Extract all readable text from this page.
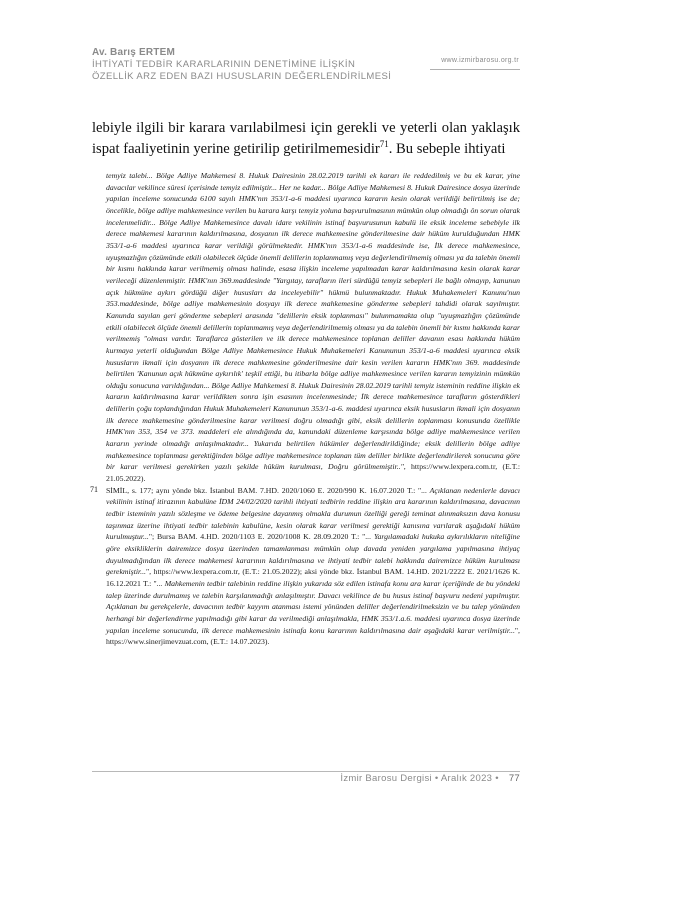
Av. Barış ERTEM
İHTİYATİ TEDBİR KARARLARININ DENETİMİNE İLİŞKİN
ÖZELLİK ARZ EDEN BAZI HUSUSLARIN DEĞERLENDİRİLMESİ
www.izmirbarosu.org.tr
lebiyle ilgili bir karara varılabilmesi için gerekli ve yeterli olan yaklaşık ispat faaliyetinin yerine getirilip getirilmemesidir$^{71}$. Bu sebeple ihtiyati

temyiz talebi... Bölge Adliye Mahkemesi 8. Hukuk Dairesinin 28.02.2019 tarihli ek kararı ile reddedilmiş ve bu ek karar, yine davacılar vekilince süresi içerisinde temyiz edilmiştir... Her ne kadar... Bölge Adliye Mahkemesi 8. Hukuk Dairesince dosya üzerinde yapılan inceleme sonucunda 6100 sayılı HMK'nın 353/1-a-6 maddesi uyarınca kararın kesin olarak verildiği belirtilmiş ise de; öncelikle, bölge adliye mahkemesince verilen bu karara karşı temyiz yoluna başvurulmasının mümkün olup olmadığı ön sorun olarak incelenmelidir... Bölge Adliye Mahkemesince davalı idare vekilinin istinaf başvurusunun kabulü ile eksik inceleme sebebiyle ilk derece mahkemesi kararının kaldırılmasına, dosyanın ilk derece mahkemesine gönderilmesine dair hüküm kurulduğundan HMK 353/1-a-6 maddesi uyarınca karar verildiği görülmektedir. HMK'nın 353/1-a-6 maddesinde ise, İlk derece mahkemesince, uyuşmazlığın çözümünde etkili olabilecek ölçüde önemli delillerin toplanmamış veya değerlendirilmemiş olması ya da talebin önemli bir kısmı hakkında karar verilmemiş olması halinde, esasa ilişkin inceleme yapılmadan karar kaldırılmasına kesin olarak karar verileceği düzenlenmiştir. HMK'nın 369.maddesinde "Yargıtay, tarafların ileri sürdüğü temyiz sebepleri ile bağlı olmayıp, kanunun açık hükmüne aykırı gördüğü diğer hususları da inceleyebilir" hükmü bulunmaktadır. Hukuk Muhakemeleri Kanunu'nun 353.maddesinde, bölge adliye mahkemesinin dosyayı ilk derece mahkemesine gönderme sebepleri tahdidi olarak sayılmıştır. Kanunda sayılan geri gönderme sebepleri arasında "delillerin eksik toplanması" bulunmamakta olup "uyuşmazlığın çözümünde etkili olabilecek ölçüde önemli delillerin toplanmamış veya değerlendirilmemiş olması ya da talebin önemli bir kısmı hakkında karar verilmemiş "olması vardır. Taraflarca gösterilen ve ilk derece mahkemesince toplanan deliller davanın esası hakkında hüküm kurmaya yeterli olduğundan Bölge Adliye Mahkemesince Hukuk Muhakemeleri Kanununun 353/1-a-6 maddesi uyarınca eksik hususların ikmali için dosyanın ilk derece mahkemesine gönderilmesine dair kesin verilen kararın HMK'nın 369. maddesinde belirtilen 'Kanunun açık hükmüne aykırılık' teşkil ettiği, bu itibarla bölge adliye mahkemesince verilen kararın temyizinin mümkün olduğu sonucuna varıldığından... Bölge Adliye Mahkemesi 8. Hukuk Dairesinin 28.02.2019 tarihli temyiz isteminin reddine ilişkin ek kararın kaldırılmasına karar verildikten sonra işin esasının incelenmesinde; İlk derece mahkemesince tarafların gösterdikleri delillerin çoğu toplandığından Hukuk Muhakemeleri Kanununun 353/1-a-6. maddesi uyarınca eksik hususların ikmali için dosyanın ilk derece mahkemesine gönderilmesine karar verilmesi doğru olmadığı gibi, eksik delillerin toplanması konusunda özellikle HMK'nın 353, 354 ve 373. maddeleri ele alındığında da, kanundaki düzenleme karşısında bölge adliye mahkemesince verilen kararın yerinde olmadığı anlaşılmaktadır... Yukarıda belirtilen hükümler değerlendirildiğinde; eksik delillerin bölge adliye mahkemesince toplanması gerektiğinden bölge adliye mahkemesince toplanan tüm deliller birlikte değerlendirilerek sonucuna göre bir karar verilmesi gerekirken yazılı şekilde hüküm kurulması, Doğru görülmemiştir..", https://www.lexpera.com.tr, (E.T.: 21.05.2022).

71 SİMİL, s. 177; aynı yönde bkz. İstanbul BAM. 7.HD. 2020/1060 E. 2020/990 K. 16.07.2020 T.: "... Açıklanan nedenlerle davacı vekilinin istinaf itirazının kabulüne İDM 24/02/2020 tarihli ihtiyati tedbirin reddine ilişkin ara kararının kaldırılmasına, davacının tedbir isteminin yazılı sözleşme ve ödeme belgesine dayanmış olmakla durumun özelliği gereği teminat alınmaksızın dava konusu taşınmaz üzerine ihtiyati tedbir talebinin kabulüne, kesin olarak karar verilmesi gerektiği kanısına varılarak aşağıdaki hüküm kurulmuştur..."; Bursa BAM. 4.HD. 2020/1103 E. 2020/1008 K. 28.09.2020 T.: "... Yargılamadaki hukuka aykırılıkların niteliğine göre eksikliklerin dairemizce dosya üzerinden tamamlanması mümkün olup davada yeniden yargılama yapılmasına ihtiyaç duyulmadığından ilk derece mahkemesi kararının kaldırılmasına ve ihtiyati tedbir talebi hakkında dairemizce hüküm kurulması gerekmiştir...", https://www.lexpera.com.tr, (E.T.: 21.05.2022); aksi yönde bkz. İstanbul BAM. 14.HD. 2021/2222 E. 2021/1626 K. 16.12.2021 T.: "... Mahkemenin tedbir talebinin reddine ilişkin yukarıda söz edilen istinafa konu ara karar içeriğinde de bu yöndeki talep üzerinde durulmamış ve talebin karşılanmadığı anlaşılmıştır. Davacı vekilince de bu husus istinaf başvuru nedeni yapılmıştır. Açıklanan bu gerekçelerle, davacının tedbir kayyım atanması istemi yönünden deliller değerlendirilmeksizin ve bu talep yönünden herhangi bir değerlendirme yapılmadığı gibi karar da verilmediği anlaşılmakla, HMK 353/1.a.6. maddesi uyarınca dosya üzerinde yapılan inceleme sonucunda, ilk derece mahkemesinin istinafa konu kararının kaldırılmasına dair aşağıdaki karar verilmiştir...", https://www.sinerjimevzuat.com, (E.T.: 14.07.2023).

İzmir Barosu Dergisi • Aralık 2023 • 77
